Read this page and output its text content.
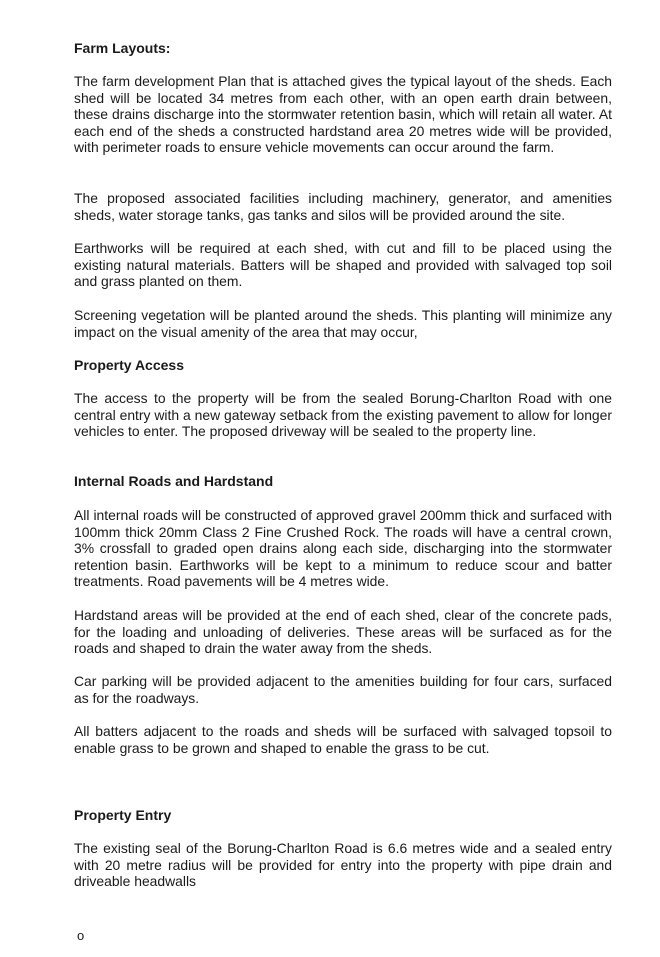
Farm Layouts:

The farm development Plan that is attached gives the typical layout of the sheds. Each shed will be located 34 metres from each other, with an open earth drain between, these drains discharge into the stormwater retention basin, which will retain all water. At each end of the sheds a constructed hardstand area 20 metres wide will be provided, with perimeter roads to ensure vehicle movements can occur around the farm.

The proposed associated facilities including machinery, generator, and amenities sheds, water storage tanks, gas tanks and silos will be provided around the site.

Earthworks will be required at each shed, with cut and fill to be placed using the existing natural materials. Batters will be shaped and provided with salvaged top soil and grass planted on them.

Screening vegetation will be planted around the sheds. This planting will minimize any impact on the visual amenity of the area that may occur,

Property Access

The access to the property will be from the sealed Borung-Charlton Road with one central entry with a new gateway setback from the existing pavement to allow for longer vehicles to enter. The proposed driveway will be sealed to the property line.

Internal Roads and Hardstand

All internal roads will be constructed of approved gravel 200mm thick and surfaced with 100mm thick 20mm Class 2 Fine Crushed Rock. The roads will have a central crown, 3% crossfall to graded open drains along each side, discharging into the stormwater retention basin. Earthworks will be kept to a minimum to reduce scour and batter treatments. Road pavements will be 4 metres wide.

Hardstand areas will be provided at the end of each shed, clear of the concrete pads, for the loading and unloading of deliveries. These areas will be surfaced as for the roads and shaped to drain the water away from the sheds.

Car parking will be provided adjacent to the amenities building for four cars, surfaced as for the roadways.

All batters adjacent to the roads and sheds will be surfaced with salvaged topsoil to enable grass to be grown and shaped to enable the grass to be cut.

Property Entry

The existing seal of the Borung-Charlton Road is 6.6 metres wide and a sealed entry with 20 metre radius will be provided for entry into the property with pipe drain and driveable headwalls

o
